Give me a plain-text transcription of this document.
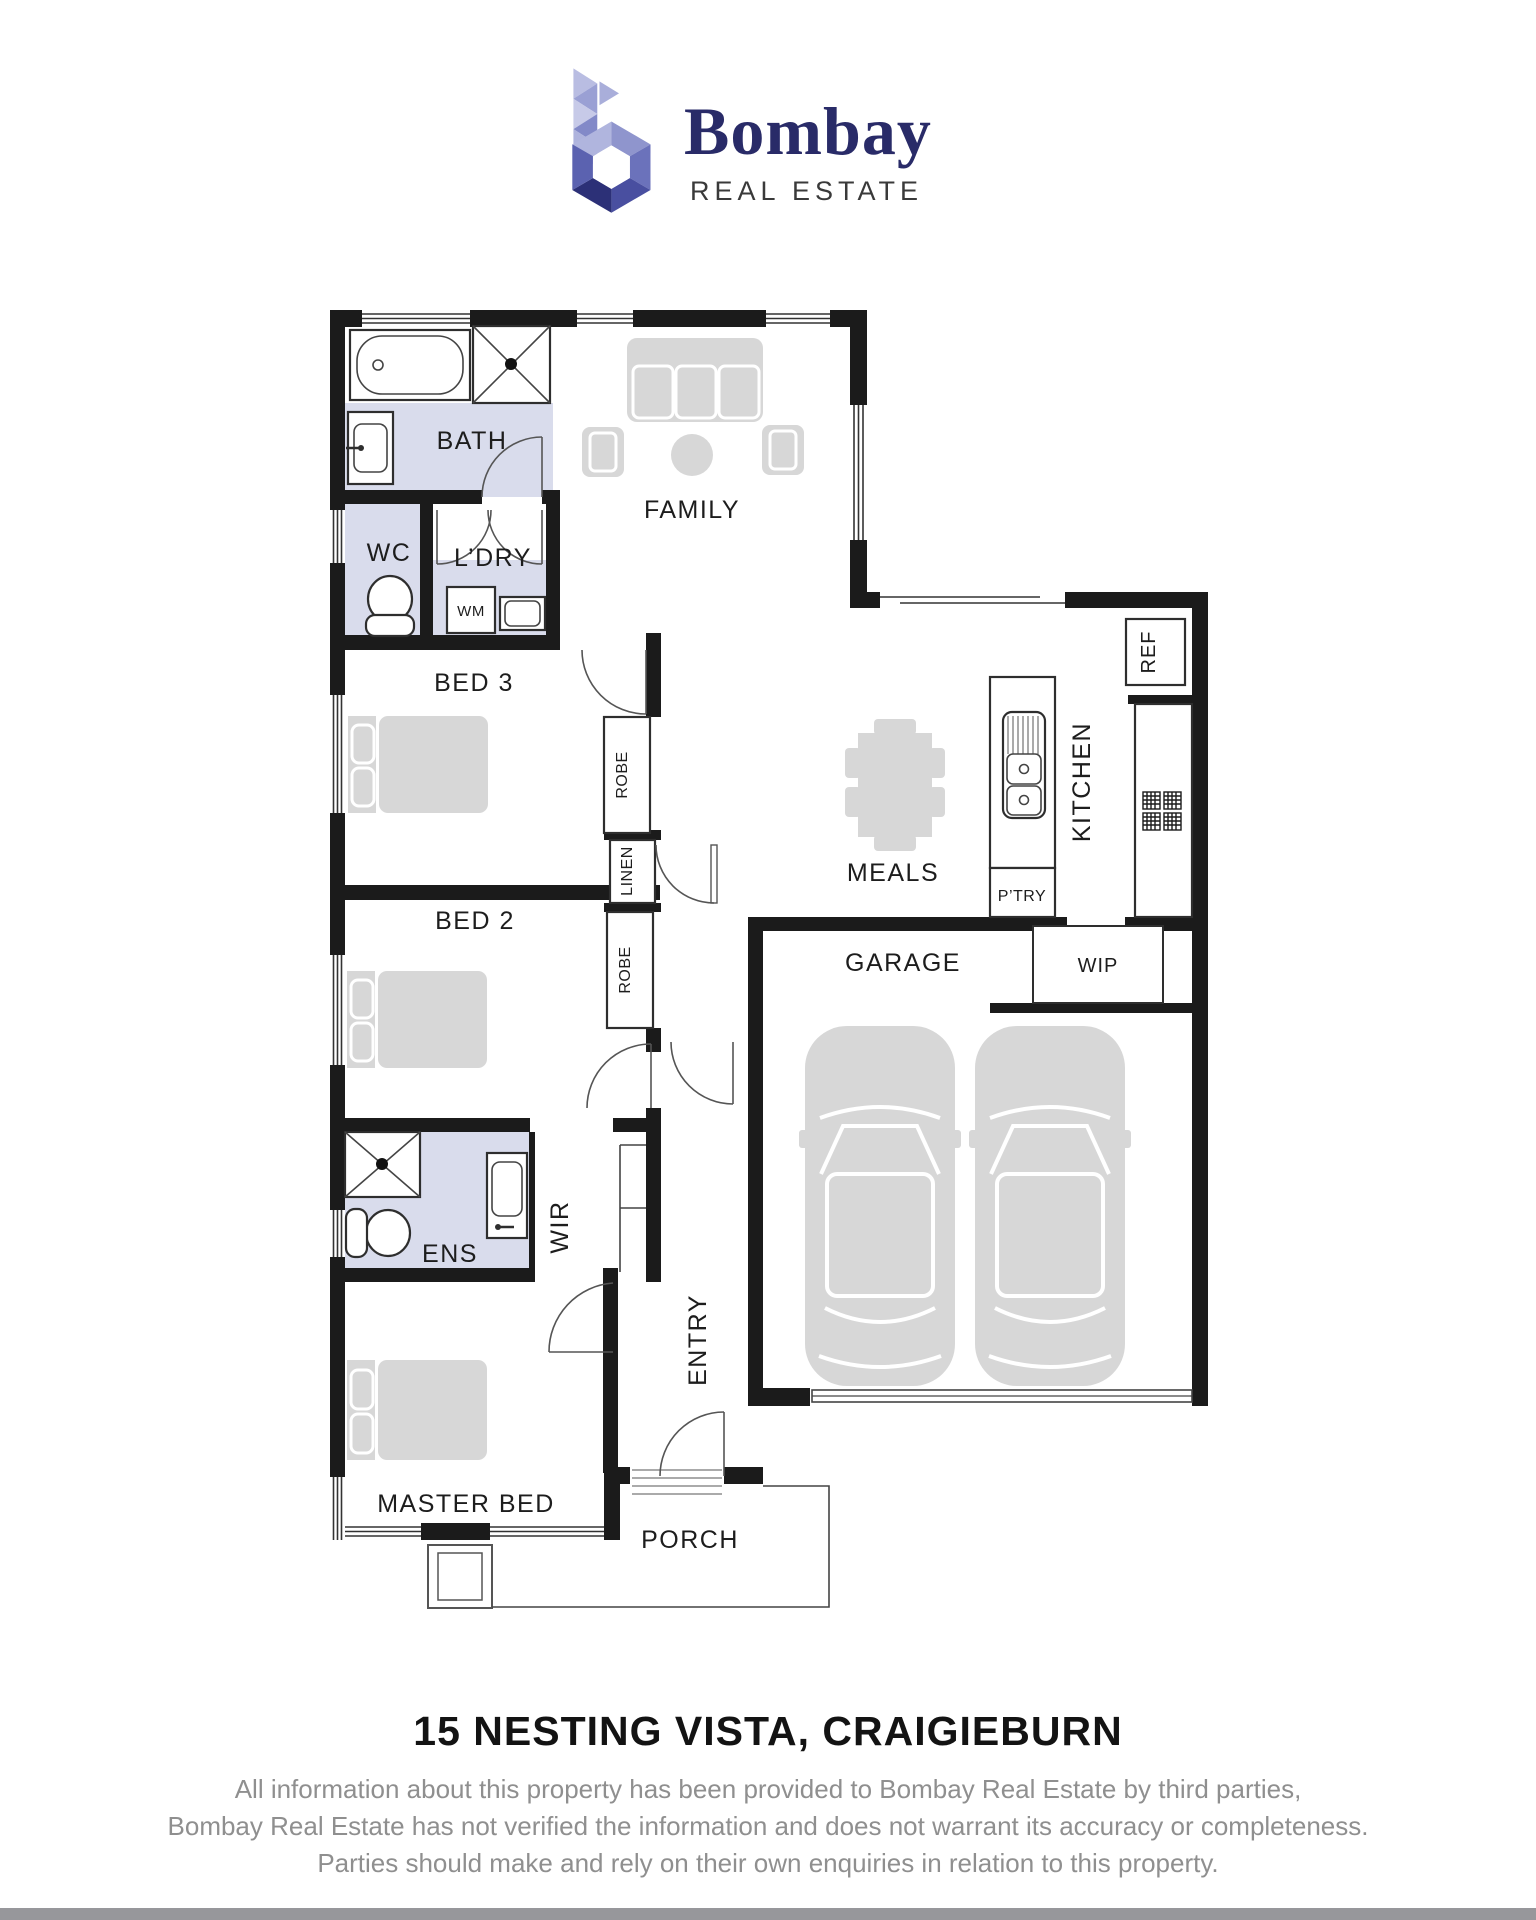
Bombay
REAL ESTATE
BATH
WC L’DRY
WM
BED 3
BED 2
FAMILY
MEALS
P’TRY
WIP
GARAGE
ENS
MASTER BED
PORCH
ROBE
LINEN
ROBE
KITCHEN
REF
WIR
ENTRY
15 NESTING VISTA, CRAIGIEBURN

All information about this property has been provided to Bombay Real Estate by third parties,

Bombay Real Estate has not verified the information and does not warrant its accuracy or completeness.

Parties should make and rely on their own enquiries in relation to this property.
